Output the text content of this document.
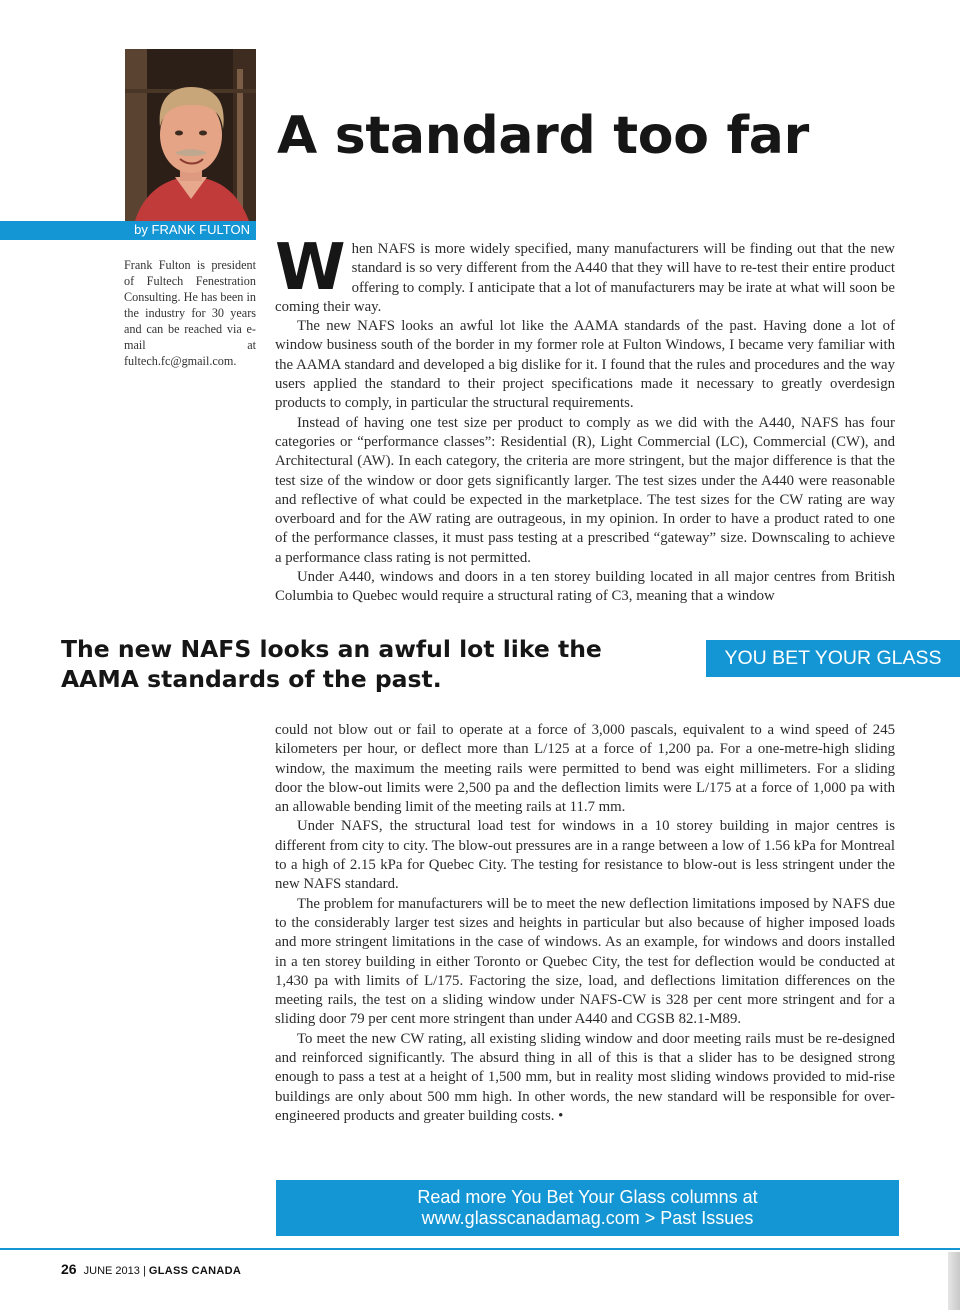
by FRANK FULTON
A standard too far

Frank Fulton is president of Fultech Fenestration Consulting. He has been in the industry for 30 years and can be reached via e-mail at fultech.fc@gmail.com.

When NAFS is more widely specified, many manufacturers will be finding out that the new standard is so very different from the A440 that they will have to re-test their entire product offering to comply. I anticipate that a lot of manufacturers may be irate at what will soon be coming their way.

The new NAFS looks an awful lot like the AAMA standards of the past. Having done a lot of window business south of the border in my former role at Fulton Windows, I became very familiar with the AAMA standard and developed a big dislike for it. I found that the rules and procedures and the way users applied the standard to their project specifications made it necessary to greatly overdesign products to comply, in particular the structural requirements.

Instead of having one test size per product to comply as we did with the A440, NAFS has four categories or “performance classes”: Residential (R), Light Commercial (LC), Commercial (CW), and Architectural (AW). In each category, the criteria are more stringent, but the major difference is that the test size of the window or door gets significantly larger. The test sizes under the A440 were reasonable and reflective of what could be expected in the marketplace. The test sizes for the CW rating are way overboard and for the AW rating are outrageous, in my opinion. In order to have a product rated to one of the performance classes, it must pass testing at a prescribed “gateway” size. Downscaling to achieve a performance class rating is not permitted.

Under A440, windows and doors in a ten storey building located in all major centres from British Columbia to Quebec would require a structural rating of C3, meaning that a window

The new NAFS looks an awful lot like the AAMA standards of the past.

YOU BET YOUR GLASS

could not blow out or fail to operate at a force of 3,000 pascals, equivalent to a wind speed of 245 kilometers per hour, or deflect more than L/125 at a force of 1,200 pa. For a one-metre-high sliding window, the maximum the meeting rails were permitted to bend was eight millimeters. For a sliding door the blow-out limits were 2,500 pa and the deflection limits were L/175 at a force of 1,000 pa with an allowable bending limit of the meeting rails at 11.7 mm.

Under NAFS, the structural load test for windows in a 10 storey building in major centres is different from city to city. The blow-out pressures are in a range between a low of 1.56 kPa for Montreal to a high of 2.15 kPa for Quebec City. The testing for resistance to blow-out is less stringent under the new NAFS standard.

The problem for manufacturers will be to meet the new deflection limitations imposed by NAFS due to the considerably larger test sizes and heights in particular but also because of higher imposed loads and more stringent limitations in the case of windows. As an example, for windows and doors installed in a ten storey building in either Toronto or Quebec City, the test for deflection would be conducted at 1,430 pa with limits of L/175. Factoring the size, load, and deflections limitation differences on the meeting rails, the test on a sliding window under NAFS-CW is 328 per cent more stringent and for a sliding door 79 per cent more stringent than under A440 and CGSB 82.1-M89.

To meet the new CW rating, all existing sliding window and door meeting rails must be re-designed and reinforced significantly. The absurd thing in all of this is that a slider has to be designed strong enough to pass a test at a height of 1,500 mm, but in reality most sliding windows provided to mid-rise buildings are only about 500 mm high. In other words, the new standard will be responsible for over-engineered products and greater building costs. •

Read more You Bet Your Glass columns at
www.glasscanadamag.com > Past Issues
26 JUNE 2013 | GLASS CANADA
